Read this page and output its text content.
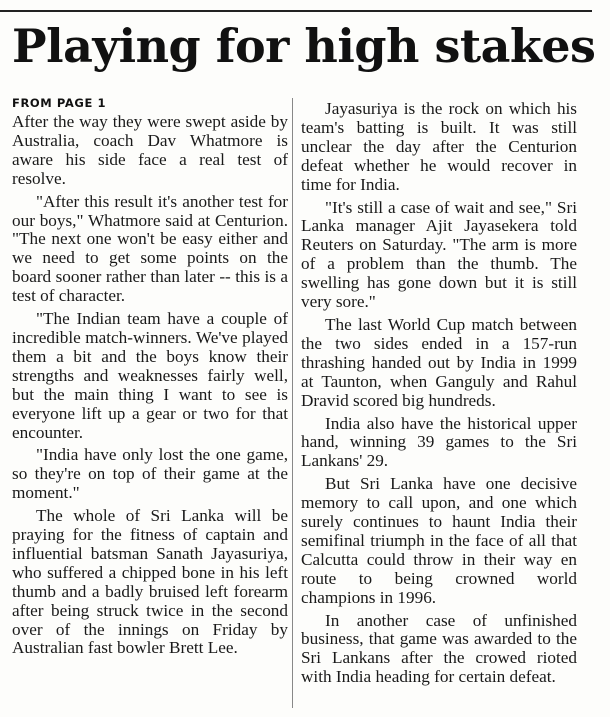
Playing for high stakes

FROM PAGE 1

After the way they were swept aside by Australia, coach Dav Whatmore is aware his side face a real test of resolve.

"After this result it's another test for our boys," Whatmore said at Centurion. "The next one won't be easy either and we need to get some points on the board sooner rather than later -- this is a test of character.

"The Indian team have a couple of incredible match-winners. We've played them a bit and the boys know their strengths and weaknesses fairly well, but the main thing I want to see is everyone lift up a gear or two for that encounter.

"India have only lost the one game, so they're on top of their game at the moment."

The whole of Sri Lanka will be praying for the fitness of captain and influential batsman Sanath Jayasuriya, who suffered a chipped bone in his left thumb and a badly bruised left forearm after being struck twice in the second over of the innings on Friday by Australian fast bowler Brett Lee.

Jayasuriya is the rock on which his team's batting is built. It was still unclear the day after the Centurion defeat whether he would recover in time for India.

"It's still a case of wait and see," Sri Lanka manager Ajit Jayasekera told Reuters on Saturday. "The arm is more of a problem than the thumb. The swelling has gone down but it is still very sore."

The last World Cup match between the two sides ended in a 157-run thrashing handed out by India in 1999 at Taunton, when Ganguly and Rahul Dravid scored big hundreds.

India also have the historical upper hand, winning 39 games to the Sri Lankans' 29.

But Sri Lanka have one decisive memory to call upon, and one which surely continues to haunt India their semifinal triumph in the face of all that Calcutta could throw in their way en route to being crowned world champions in 1996.

In another case of unfinished business, that game was awarded to the Sri Lankans after the crowed rioted with India heading for certain defeat.
